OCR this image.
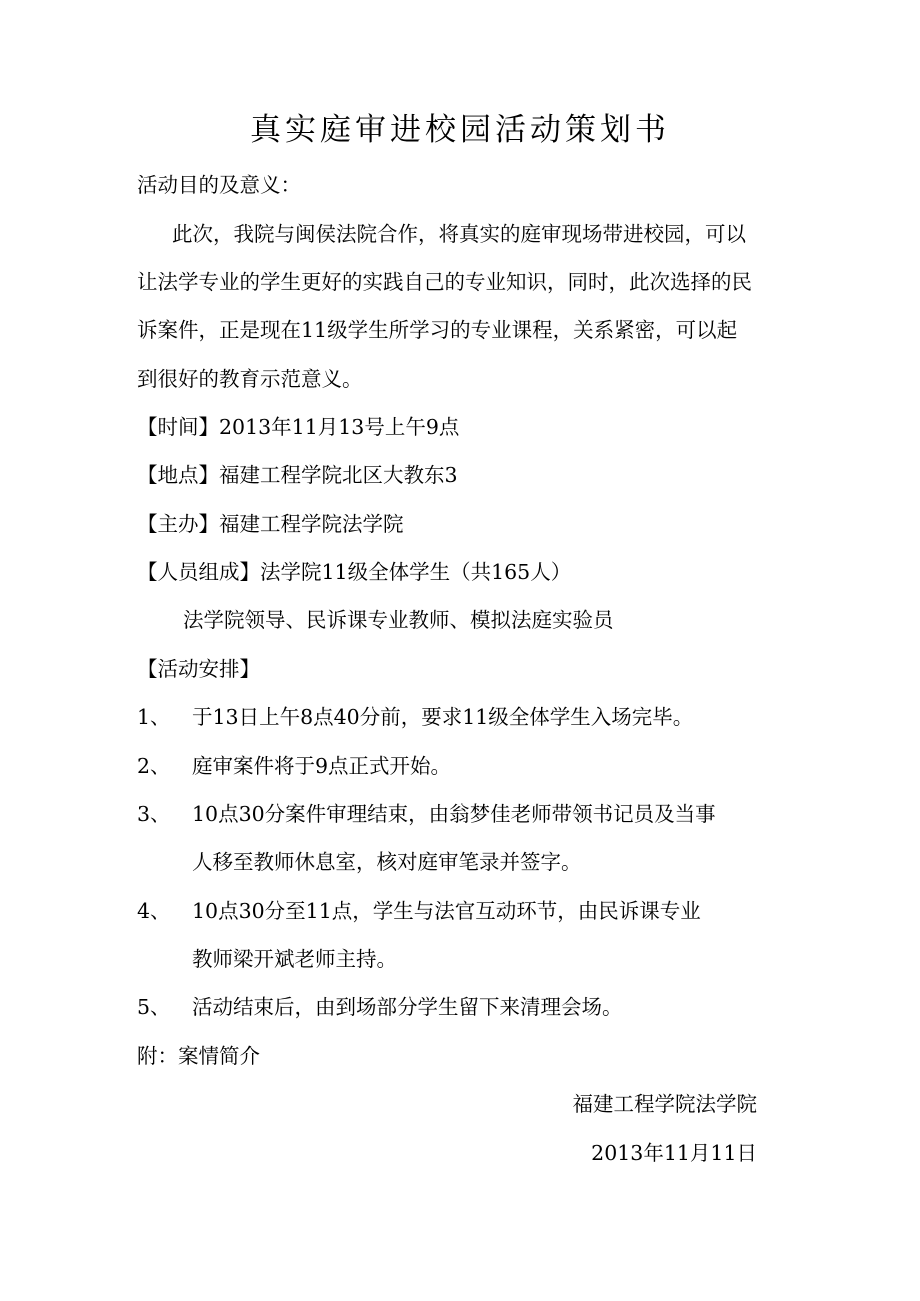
真实庭审进校园活动策划书
活动目的及意义：
此次，我院与闽侯法院合作，将真实的庭审现场带进校园，可以
让法学专业的学生更好的实践自己的专业知识，同时，此次选择的民
诉案件，正是现在11级学生所学习的专业课程，关系紧密，可以起
到很好的教育示范意义。
【时间】2013年11月13号上午9点
【地点】福建工程学院北区大教东3
【主办】福建工程学院法学院
【人员组成】法学院11级全体学生（共165人）
法学院领导、民诉课专业教师、模拟法庭实验员
【活动安排】
1、 于13日上午8点40分前，要求11级全体学生入场完毕。
2、 庭审案件将于9点正式开始。
3、 10点30分案件审理结束，由翁梦佳老师带领书记员及当事
人移至教师休息室，核对庭审笔录并签字。
4、 10点30分至11点，学生与法官互动环节，由民诉课专业
教师梁开斌老师主持。
5、 活动结束后，由到场部分学生留下来清理会场。
附：案情简介
福建工程学院法学院
2013年11月11日
